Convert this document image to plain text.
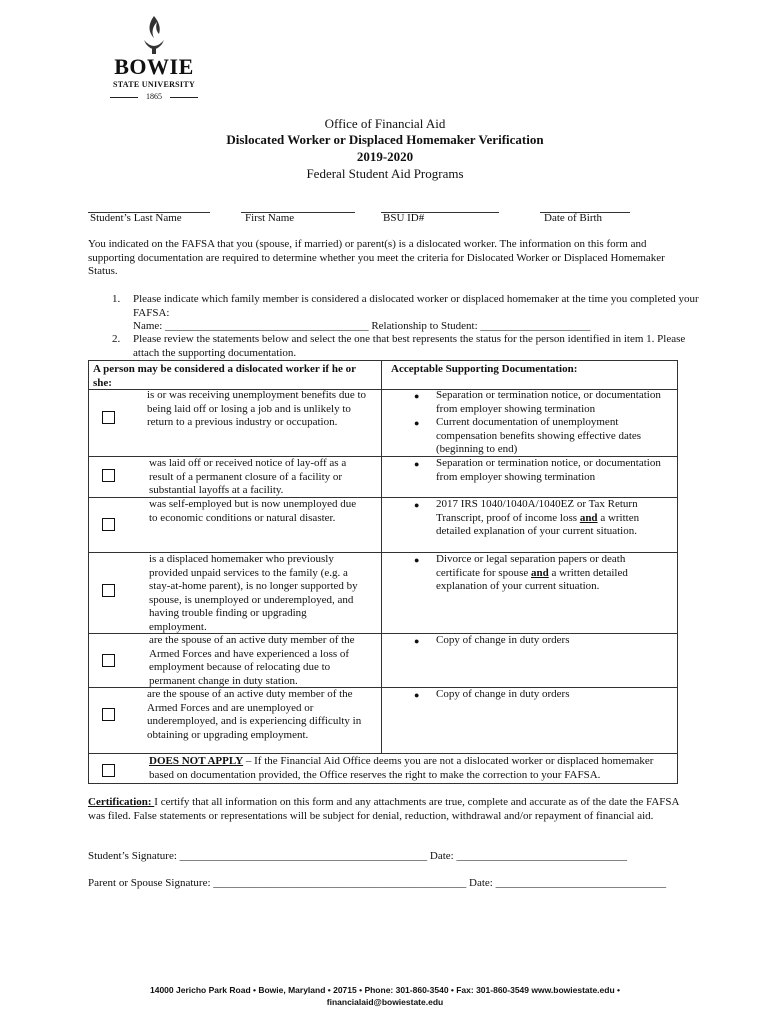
BOWIE
STATE UNIVERSITY
1865
Office of Financial Aid
Dislocated Worker or Displaced Homemaker Verification
2019-2020
Federal Student Aid Programs
Student’s Last Name	First Name	BSU ID#	Date of Birth
You indicated on the FAFSA that you (spouse, if married) or parent(s) is a dislocated worker. The information on this form and supporting documentation are required to determine whether you meet the criteria for Dislocated Worker or Displaced Homemaker Status.
1. Please indicate which family member is considered a dislocated worker or displaced homemaker at the time you completed your FAFSA:
Name: _____________________________________ Relationship to Student: ____________________
2. Please review the statements below and select the one that best represents the status for the person identified in item 1. Please attach the supporting documentation.
A person may be considered a dislocated worker if he or she:
Acceptable Supporting Documentation:
is or was receiving unemployment benefits due to being laid off or losing a job and is unlikely to return to a previous industry or occupation.
● Separation or termination notice, or documentation from employer showing termination
● Current documentation of unemployment compensation benefits showing effective dates (beginning to end)
was laid off or received notice of lay-off as a result of a permanent closure of a facility or substantial layoffs at a facility.
● Separation or termination notice, or documentation from employer showing termination
was self-employed but is now unemployed due to economic conditions or natural disaster.
● 2017 IRS 1040/1040A/1040EZ or Tax Return Transcript, proof of income loss and a written detailed explanation of your current situation.
is a displaced homemaker who previously provided unpaid services to the family (e.g. a stay-at-home parent), is no longer supported by spouse, is unemployed or underemployed, and having trouble finding or upgrading employment.
● Divorce or legal separation papers or death certificate for spouse and a written detailed explanation of your current situation.
are the spouse of an active duty member of the Armed Forces and have experienced a loss of employment because of relocating due to permanent change in duty station.
● Copy of change in duty orders
are the spouse of an active duty member of the Armed Forces and are unemployed or underemployed, and is experiencing difficulty in obtaining or upgrading employment.
● Copy of change in duty orders
DOES NOT APPLY – If the Financial Aid Office deems you are not a dislocated worker or displaced homemaker based on documentation provided, the Office reserves the right to make the correction to your FAFSA.
Certification: I certify that all information on this form and any attachments are true, complete and accurate as of the date the FAFSA was filed. False statements or representations will be subject for denial, reduction, withdrawal and/or repayment of financial aid.
Student’s Signature: _____________________________________________ Date: _______________________________
Parent or Spouse Signature: ______________________________________________ Date: _______________________________
14000 Jericho Park Road • Bowie, Maryland • 20715 • Phone: 301-860-3540 • Fax: 301-860-3549 www.bowiestate.edu •
financialaid@bowiestate.edu
